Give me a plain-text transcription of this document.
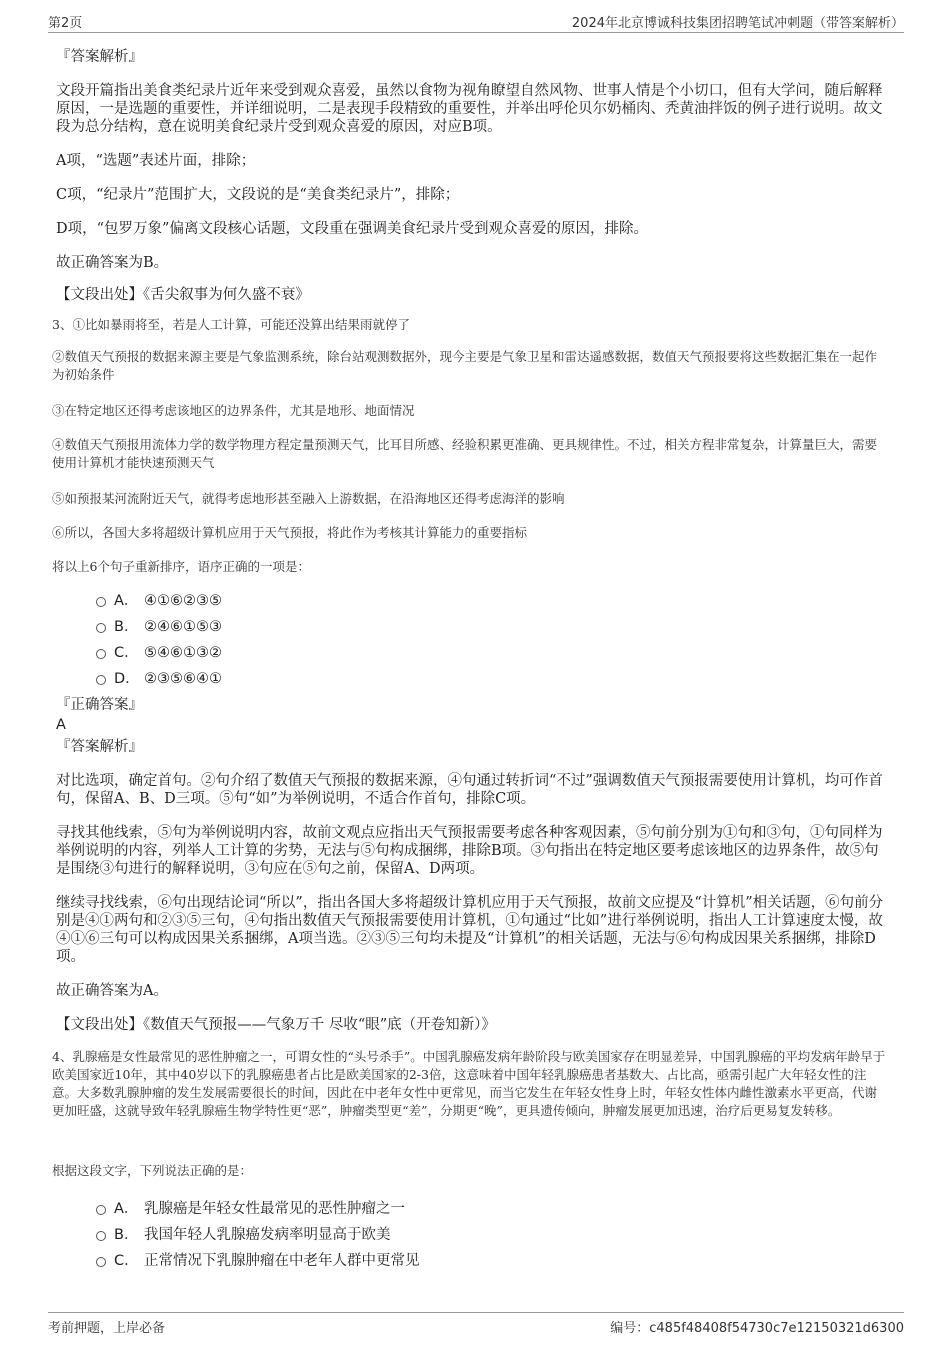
第2页	2024年北京博诚科技集团招聘笔试冲刺题（带答案解析）
『答案解析』

文段开篇指出美食类纪录片近年来受到观众喜爱，虽然以食物为视角瞭望自然风物、世事人情是个小切口，但有大学问，随后解释原因，一是选题的重要性，并详细说明，二是表现手段精致的重要性，并举出呼伦贝尔奶桶肉、秃黄油拌饭的例子进行说明。故文段为总分结构，意在说明美食纪录片受到观众喜爱的原因，对应B项。

A项，“选题”表述片面，排除；

C项，“纪录片”范围扩大，文段说的是“美食类纪录片”，排除；

D项，“包罗万象”偏离文段核心话题，文段重在强调美食纪录片受到观众喜爱的原因，排除。

故正确答案为B。

【文段出处】《舌尖叙事为何久盛不衰》

3、①比如暴雨将至，若是人工计算，可能还没算出结果雨就停了

②数值天气预报的数据来源主要是气象监测系统，除台站观测数据外，现今主要是气象卫星和雷达遥感数据，数值天气预报要将这些数据汇集在一起作为初始条件

③在特定地区还得考虑该地区的边界条件，尤其是地形、地面情况

④数值天气预报用流体力学的数学物理方程定量预测天气，比耳目所感、经验积累更准确、更具规律性。不过，相关方程非常复杂，计算量巨大，需要使用计算机才能快速预测天气

⑤如预报某河流附近天气，就得考虑地形甚至融入上游数据，在沿海地区还得考虑海洋的影响

⑥所以，各国大多将超级计算机应用于天气预报，将此作为考核其计算能力的重要指标

将以上6个句子重新排序，语序正确的一项是：

A． ④①⑥②③⑤
B． ②④⑥①⑤③
C． ⑤④⑥①③②
D． ②③⑤⑥④①
『正确答案』
A
『答案解析』

对比选项，确定首句。②句介绍了数值天气预报的数据来源，④句通过转折词“不过”强调数值天气预报需要使用计算机，均可作首句，保留A、B、D三项。⑤句“如”为举例说明，不适合作首句，排除C项。

寻找其他线索，⑤句为举例说明内容，故前文观点应指出天气预报需要考虑各种客观因素，⑤句前分别为①句和③句，①句同样为举例说明的内容，列举人工计算的劣势，无法与⑤句构成捆绑，排除B项。③句指出在特定地区要考虑该地区的边界条件，故⑤句是围绕③句进行的解释说明，③句应在⑤句之前，保留A、D两项。

继续寻找线索，⑥句出现结论词“所以”，指出各国大多将超级计算机应用于天气预报，故前文应提及“计算机”相关话题，⑥句前分别是④①两句和②③⑤三句，④句指出数值天气预报需要使用计算机，①句通过“比如”进行举例说明，指出人工计算速度太慢，故④①⑥三句可以构成因果关系捆绑，A项当选。②③⑤三句均未提及“计算机”的相关话题，无法与⑥句构成因果关系捆绑，排除D项。

故正确答案为A。

【文段出处】《数值天气预报——气象万千 尽收“眼”底（开卷知新）》

4、乳腺癌是女性最常见的恶性肿瘤之一，可谓女性的“头号杀手”。中国乳腺癌发病年龄阶段与欧美国家存在明显差异，中国乳腺癌的平均发病年龄早于欧美国家近10年，其中40岁以下的乳腺癌患者占比是欧美国家的2-3倍，这意味着中国年轻乳腺癌患者基数大、占比高，亟需引起广大年轻女性的注意。大多数乳腺肿瘤的发生发展需要很长的时间，因此在中老年女性中更常见，而当它发生在年轻女性身上时，年轻女性体内雌性激素水平更高，代谢更加旺盛，这就导致年轻乳腺癌生物学特性更“恶”，肿瘤类型更“差”，分期更“晚”，更具遗传倾向，肿瘤发展更加迅速，治疗后更易复发转移。

根据这段文字，下列说法正确的是：

A． 乳腺癌是年轻女性最常见的恶性肿瘤之一
B． 我国年轻人乳腺癌发病率明显高于欧美
C． 正常情况下乳腺肿瘤在中老年人群中更常见
考前押题，上岸必备	编号：c485f48408f54730c7e12150321d6300
